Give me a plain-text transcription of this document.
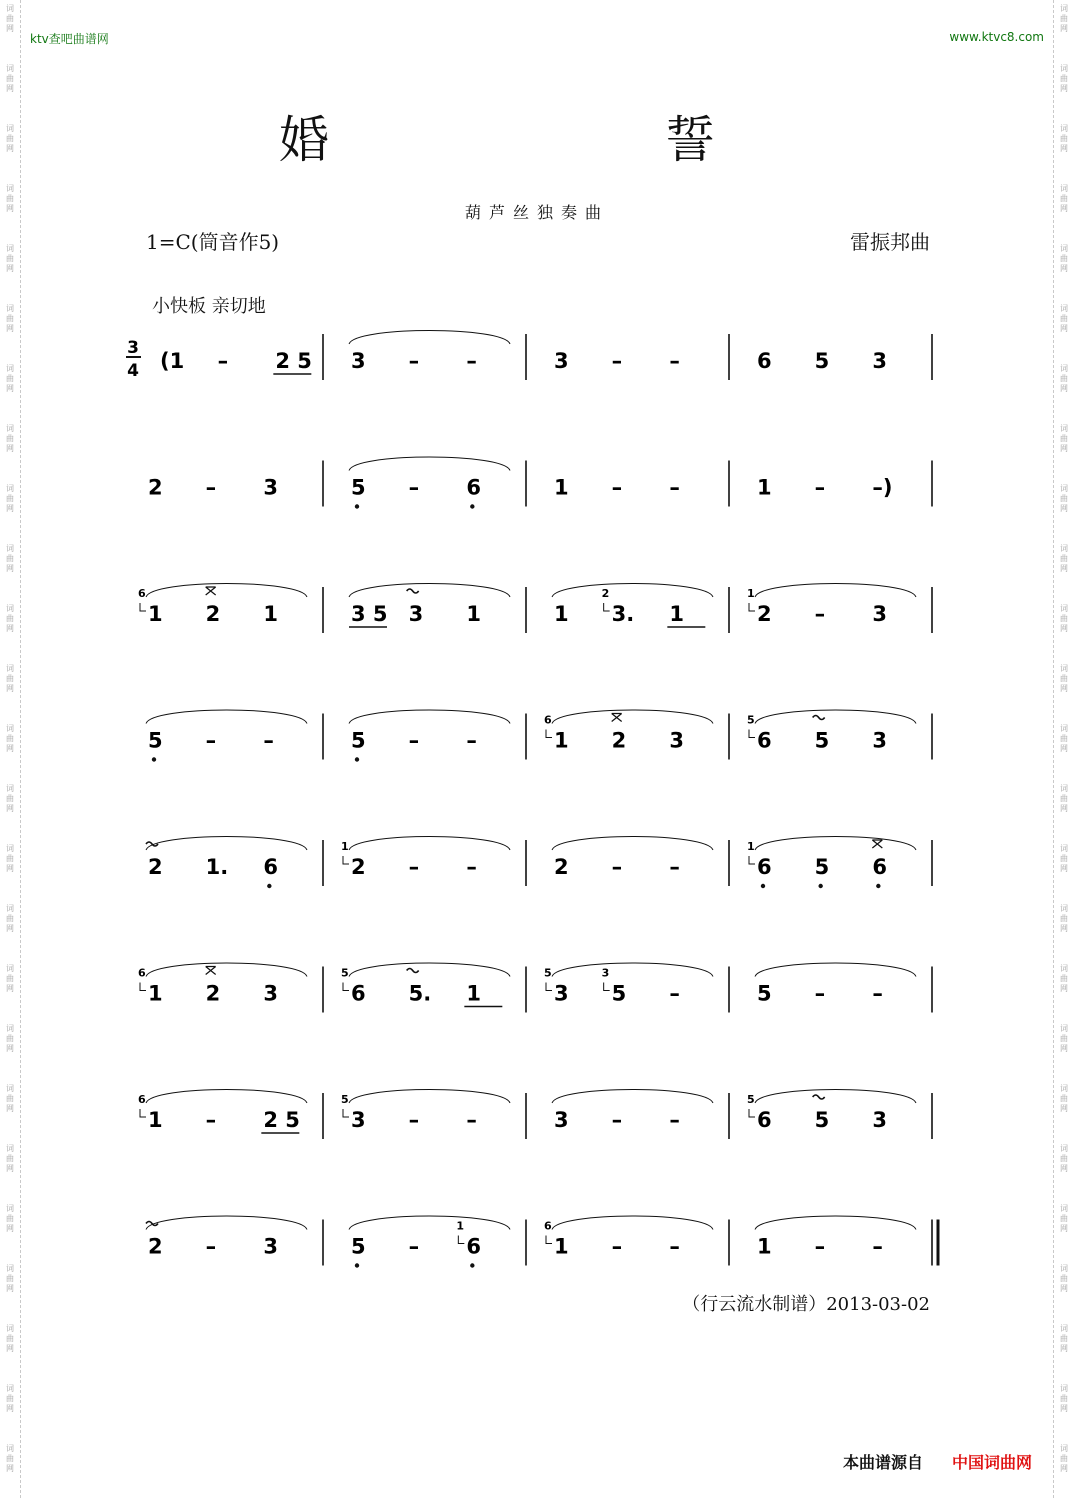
词
曲
网
词
曲
网
词
曲
网
词
曲
网
词
曲
网
词
曲
网
词
曲
网
词
曲
网
词
曲
网
词
曲
网
词
曲
网
词
曲
网
词
曲
网
词
曲
网
词
曲
网
词
曲
网
词
曲
网
词
曲
网
词
曲
网
词
曲
网
词
曲
网
词
曲
网
词
曲
网
词
曲
网
词
曲
网
词
曲
网
词
曲
网
词
曲
网
词
曲
网
词
曲
网
词
曲
网
词
曲
网
词
曲
网
词
曲
网
词
曲
网
词
曲
网
词
曲
网
词
曲
网
词
曲
网
词
曲
网
词
曲
网
词
曲
网
词
曲
网
词
曲
网
词
曲
网
词
曲
网
词
曲
网
词
曲
网
词
曲
网
词
曲
网
ktv查吧曲谱网	www.ktvc8.com
婚 誓
葫芦丝独奏曲
1=C(筒音作5)	雷振邦曲
小快板 亲切地
3
4 (1 – 2 5 3 – –	3 – –	6 5 3
2 – 3	5 – 6	1 – –	1 – –)
1
6
2 1	3 5 3 1	1 3.
2
1	2
1
– 3
5 – –	5 – –	1
6
2 3	6
5
5 3
2 1. 6	2
1
– –	2 – –	6
1
5 6
1
6
2 3	6
5
5. 1	3
5
5
3
–	5 – –
1
6
– 2 5 3
5
– –	3 – –	6
5
5 3
2 – 3	5 – 6
1
1
6
– –	1 – –
（行云流水制谱）2013-03-02
本曲谱源自 中国词曲网
